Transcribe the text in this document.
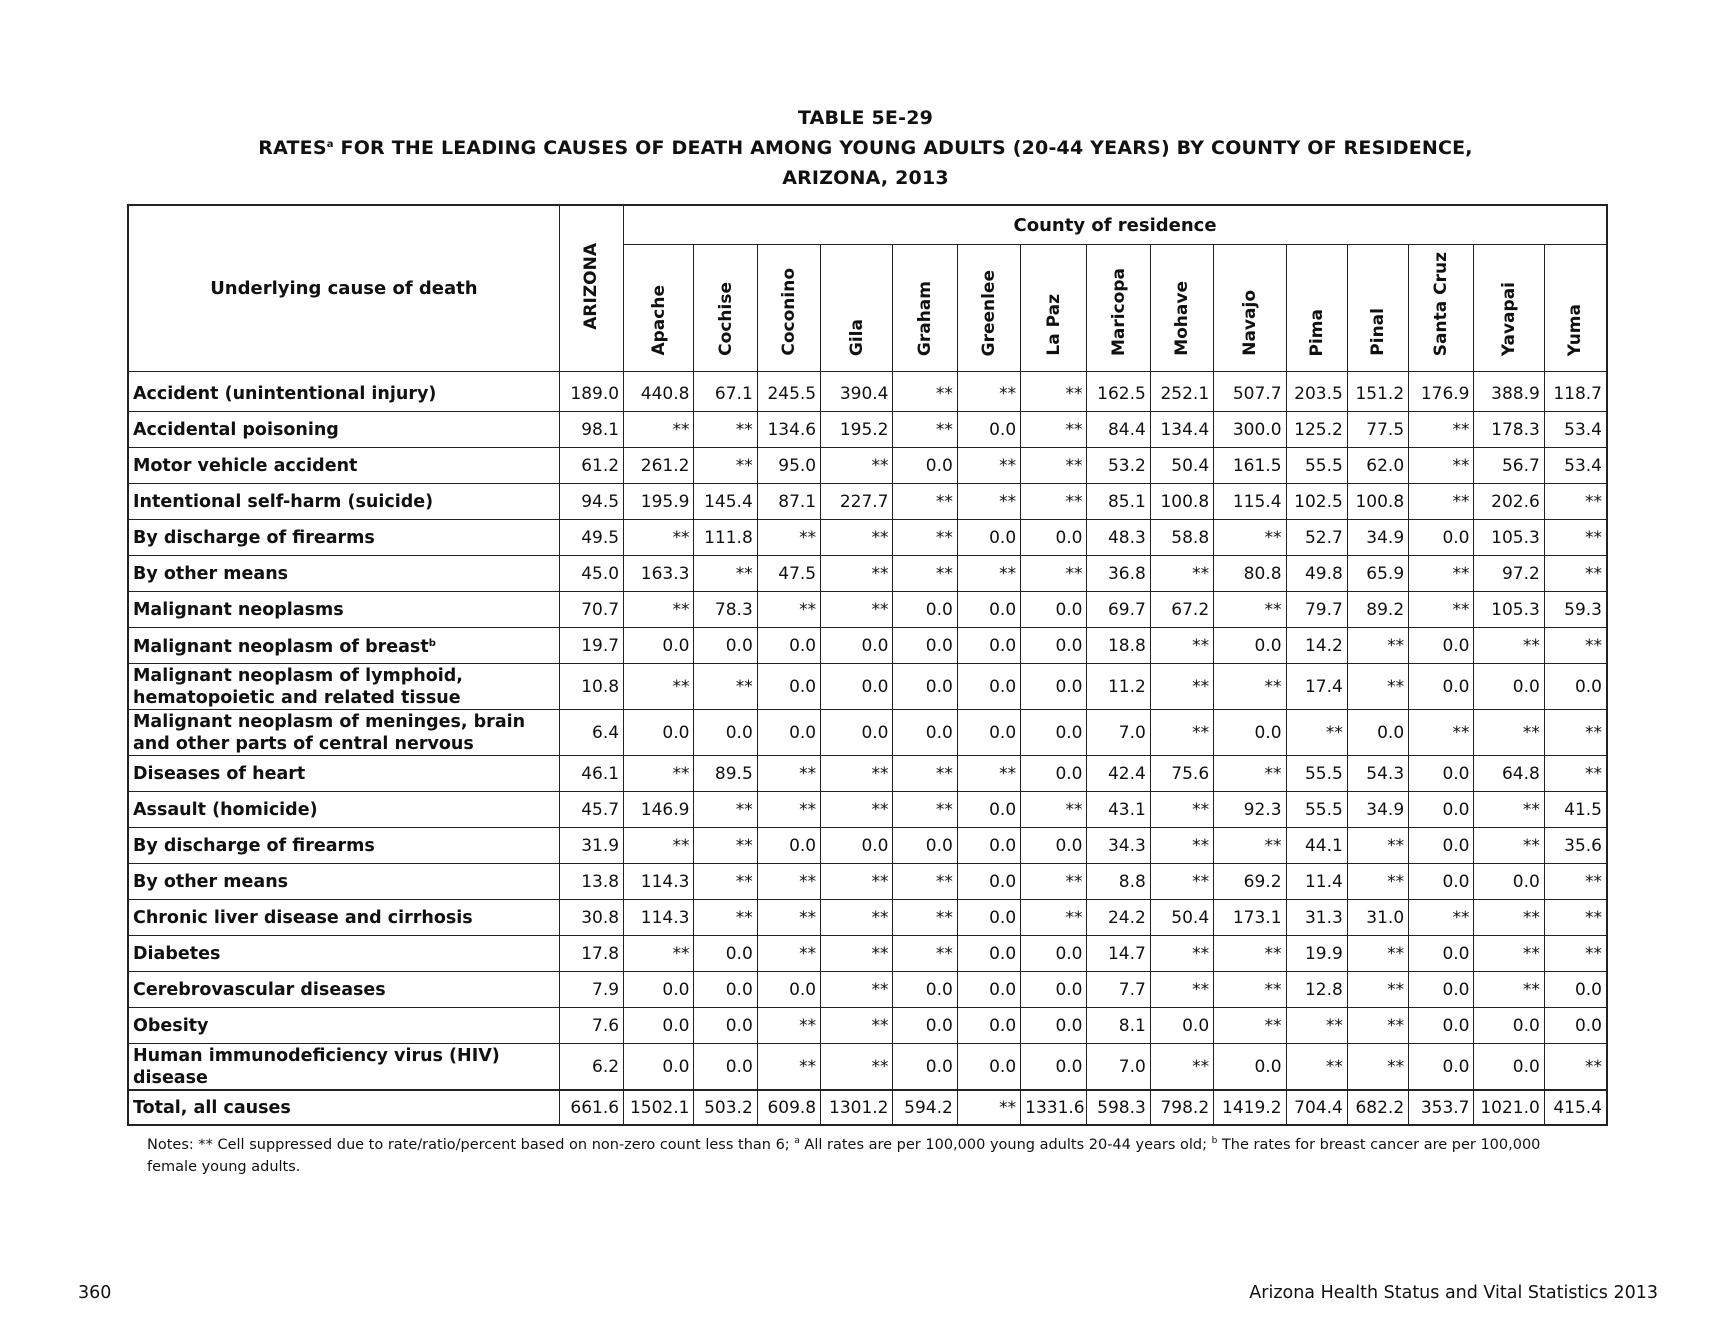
TABLE 5E-29
RATES$^a$ FOR THE LEADING CAUSES OF DEATH AMONG YOUNG ADULTS (20-44 YEARS) BY COUNTY OF RESIDENCE,
ARIZONA, 2013
Underlying cause of death	ARIZONA	County of residence														
		Apache	Cochise	Coconino	Gila	Graham	Greenlee	La Paz	Maricopa	Mohave	Navajo	Pima	Pinal	Santa Cruz	Yavapai	Yuma
Accident (unintentional injury)	189.0	440.8	67.1	245.5	390.4	**	**	**	162.5	252.1	507.7	203.5	151.2	176.9	388.9	118.7
Accidental poisoning	98.1	**	**	134.6	195.2	**	0.0	**	84.4	134.4	300.0	125.2	77.5	**	178.3	53.4
Motor vehicle accident	61.2	261.2	**	95.0	**	0.0	**	**	53.2	50.4	161.5	55.5	62.0	**	56.7	53.4
Intentional self-harm (suicide)	94.5	195.9	145.4	87.1	227.7	**	**	**	85.1	100.8	115.4	102.5	100.8	**	202.6	**
By discharge of firearms	49.5	**	111.8	**	**	**	0.0	0.0	48.3	58.8	**	52.7	34.9	0.0	105.3	**
By other means	45.0	163.3	**	47.5	**	**	**	**	36.8	**	80.8	49.8	65.9	**	97.2	**
Malignant neoplasms	70.7	**	78.3	**	**	0.0	0.0	0.0	69.7	67.2	**	79.7	89.2	**	105.3	59.3
Malignant neoplasm of breast$^b$	19.7	0.0	0.0	0.0	0.0	0.0	0.0	0.0	18.8	**	0.0	14.2	**	0.0	**	**
Malignant neoplasm of lymphoid,
hematopoietic and related tissue	10.8	**	**	0.0	0.0	0.0	0.0	0.0	11.2	**	**	17.4	**	0.0	0.0	0.0
Malignant neoplasm of meninges, brain
and other parts of central nervous	6.4	0.0	0.0	0.0	0.0	0.0	0.0	0.0	7.0	**	0.0	**	0.0	**	**	**
Diseases of heart	46.1	**	89.5	**	**	**	**	0.0	42.4	75.6	**	55.5	54.3	0.0	64.8	**
Assault (homicide)	45.7	146.9	**	**	**	**	0.0	**	43.1	**	92.3	55.5	34.9	0.0	**	41.5
By discharge of firearms	31.9	**	**	0.0	0.0	0.0	0.0	0.0	34.3	**	**	44.1	**	0.0	**	35.6
By other means	13.8	114.3	**	**	**	**	0.0	**	8.8	**	69.2	11.4	**	0.0	0.0	**
Chronic liver disease and cirrhosis	30.8	114.3	**	**	**	**	0.0	**	24.2	50.4	173.1	31.3	31.0	**	**	**
Diabetes	17.8	**	0.0	**	**	**	0.0	0.0	14.7	**	**	19.9	**	0.0	**	**
Cerebrovascular diseases	7.9	0.0	0.0	0.0	**	0.0	0.0	0.0	7.7	**	**	12.8	**	0.0	**	0.0
Obesity	7.6	0.0	0.0	**	**	0.0	0.0	0.0	8.1	0.0	**	**	**	0.0	0.0	0.0
Human immunodeficiency virus (HIV)
disease	6.2	0.0	0.0	**	**	0.0	0.0	0.0	7.0	**	0.0	**	**	0.0	0.0	**
Total, all causes	661.6	1502.1	503.2	609.8	1301.2	594.2	**	1331.6	598.3	798.2	1419.2	704.4	682.2	353.7	1021.0	415.4
Notes: ** Cell suppressed due to rate/ratio/percent based on non-zero count less than 6; $^a$ All rates are per 100,000 young adults 20-44 years old; $^b$ The rates for breast cancer are per 100,000 female young adults.
360	Arizona Health Status and Vital Statistics 2013
